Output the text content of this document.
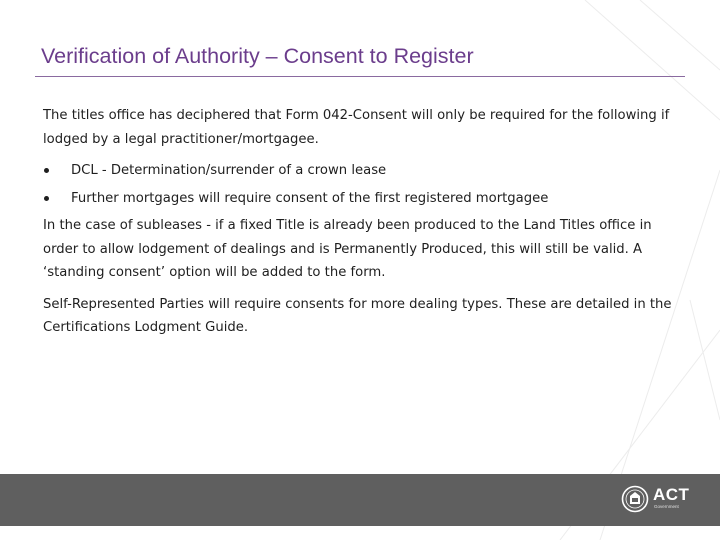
Verification of Authority – Consent to Register

The titles office has deciphered that Form 042-Consent will only be required for the following if lodged by a legal practitioner/mortgagee.

DCL - Determination/surrender of a crown lease
Further mortgages will require consent of the first registered mortgagee

In the case of subleases - if a fixed Title is already been produced to the Land Titles office in order to allow lodgement of dealings and is Permanently Produced, this will still be valid. A ‘standing consent’ option will be added to the form.

Self-Represented Parties will require consents for more dealing types. These are detailed in the Certifications Lodgment Guide.

ACT
Government
